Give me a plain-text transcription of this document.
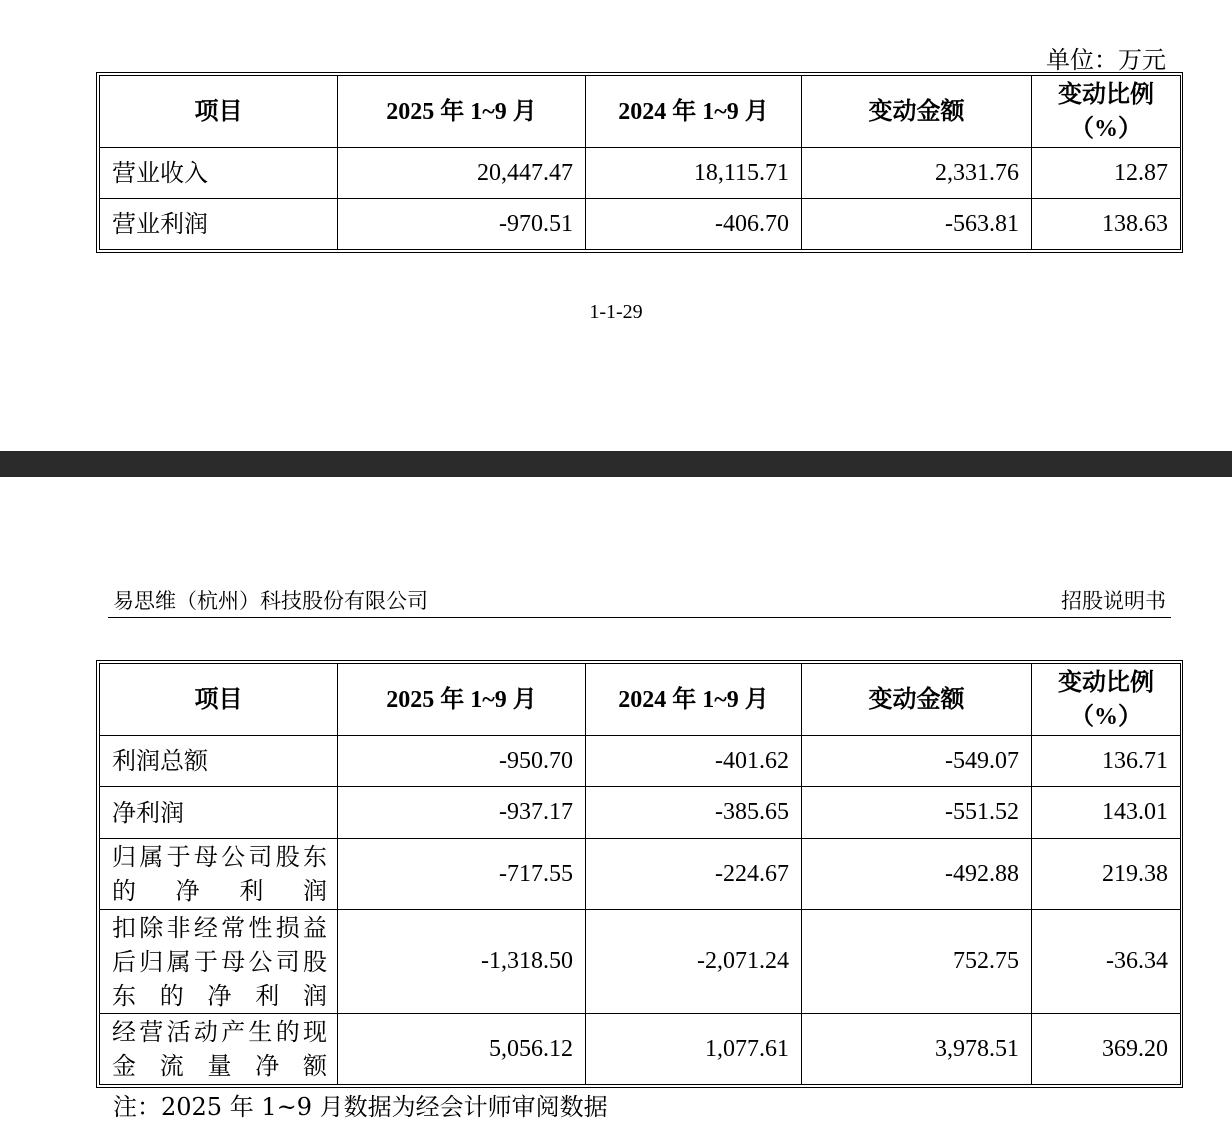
单位：万元
项目	2025 年 1~9 月	2024 年 1~9 月	变动金额	变动比例
（%）

营业收入	20,447.47	18,115.71	2,331.76	12.87
营业利润	-970.51	-406.70	-563.81	138.63
1-1-29
易思维（杭州）科技股份有限公司	招股说明书
项目	2025 年 1~9 月	2024 年 1~9 月	变动金额	变动比例
（%）

利润总额	-950.70	-401.62	-549.07	136.71
净利润	-937.17	-385.65	-551.52	143.01
归属于母公司股东的净利润	-717.55	-224.67	-492.88	219.38
扣除非经常性损益后归属于母公司股东的净利润	-1,318.50	-2,071.24	752.75	-36.34
经营活动产生的现金流量净额	5,056.12	1,077.61	3,978.51	369.20
注：2025 年 1~9 月数据为经会计师审阅数据
